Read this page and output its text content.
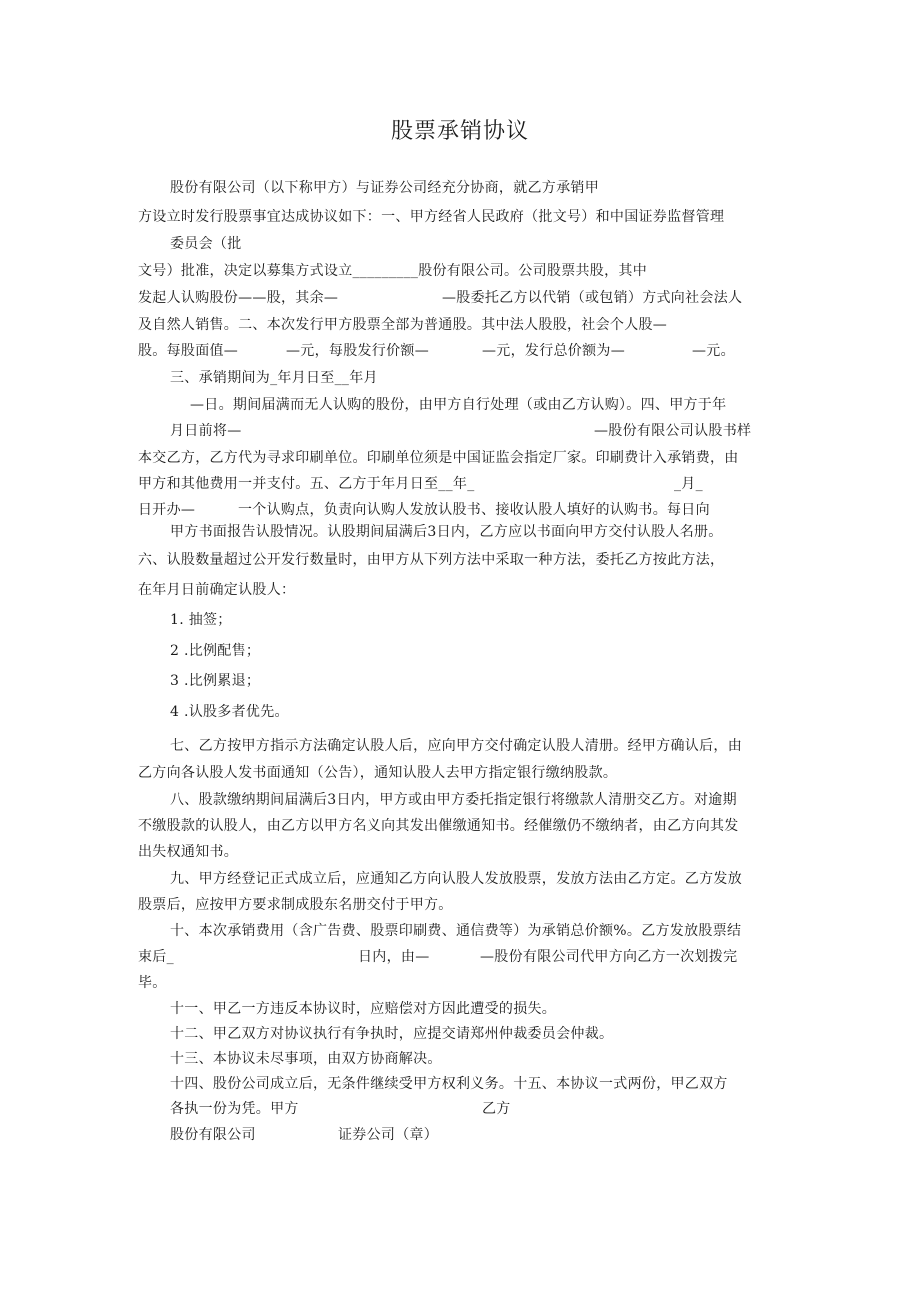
股票承销协议
股份有限公司（以下称甲方）与证券公司经充分协商，就乙方承销甲
方设立时发行股票事宜达成协议如下：一、甲方经省人民政府（批文号）和中国证券监督管理
委员会（批
文号）批准，决定以募集方式设立_________股份有限公司。公司股票共股，其中
发起人认购股份——股，其余—	—股委托乙方以代销（或包销）方式向社会法人
及自然人销售。二、本次发行甲方股票全部为普通股。其中法人股股，社会个人股—
股。每股面值—	—元，每股发行价额—	—元，发行总价额为—	—元。
三、承销期间为_年月日至__年月
—日。期间届满而无人认购的股份，由甲方自行处理（或由乙方认购）。四、甲方于年
月日前将—	—股份有限公司认股书样
本交乙方，乙方代为寻求印刷单位。印刷单位须是中国证监会指定厂家。印刷费计入承销费，由
甲方和其他费用一并支付。五、乙方于年月日至__年_	_月_
日开办—	一个认购点，负责向认购人发放认股书、接收认股人填好的认购书。每日向
甲方书面报告认股情况。认股期间届满后3日内，乙方应以书面向甲方交付认股人名册。
六、认股数量超过公开发行数量时，由甲方从下列方法中采取一种方法，委托乙方按此方法，
在年月日前确定认股人：
1. 抽签；
2 .比例配售；
3 .比例累退；
4 .认股多者优先。
七、乙方按甲方指示方法确定认股人后，应向甲方交付确定认股人清册。经甲方确认后，由
乙方向各认股人发书面通知（公告），通知认股人去甲方指定银行缴纳股款。
八、股款缴纳期间届满后3日内，甲方或由甲方委托指定银行将缴款人清册交乙方。对逾期
不缴股款的认股人，由乙方以甲方名义向其发出催缴通知书。经催缴仍不缴纳者，由乙方向其发
出失权通知书。
九、甲方经登记正式成立后，应通知乙方向认股人发放股票，发放方法由乙方定。乙方发放
股票后，应按甲方要求制成股东名册交付于甲方。
十、本次承销费用（含广告费、股票印刷费、通信费等）为承销总价额%。乙方发放股票结
束后_	日内，由—	—股份有限公司代甲方向乙方一次划拨完
毕。
十一、甲乙一方违反本协议时，应赔偿对方因此遭受的损失。
十二、甲乙双方对协议执行有争执时，应提交请郑州仲裁委员会仲裁。
十三、本协议未尽事项，由双方协商解决。
十四、股份公司成立后，无条件继续受甲方权利义务。十五、本协议一式两份，甲乙双方
各执一份为凭。甲方	乙方
股份有限公司	证券公司（章）
